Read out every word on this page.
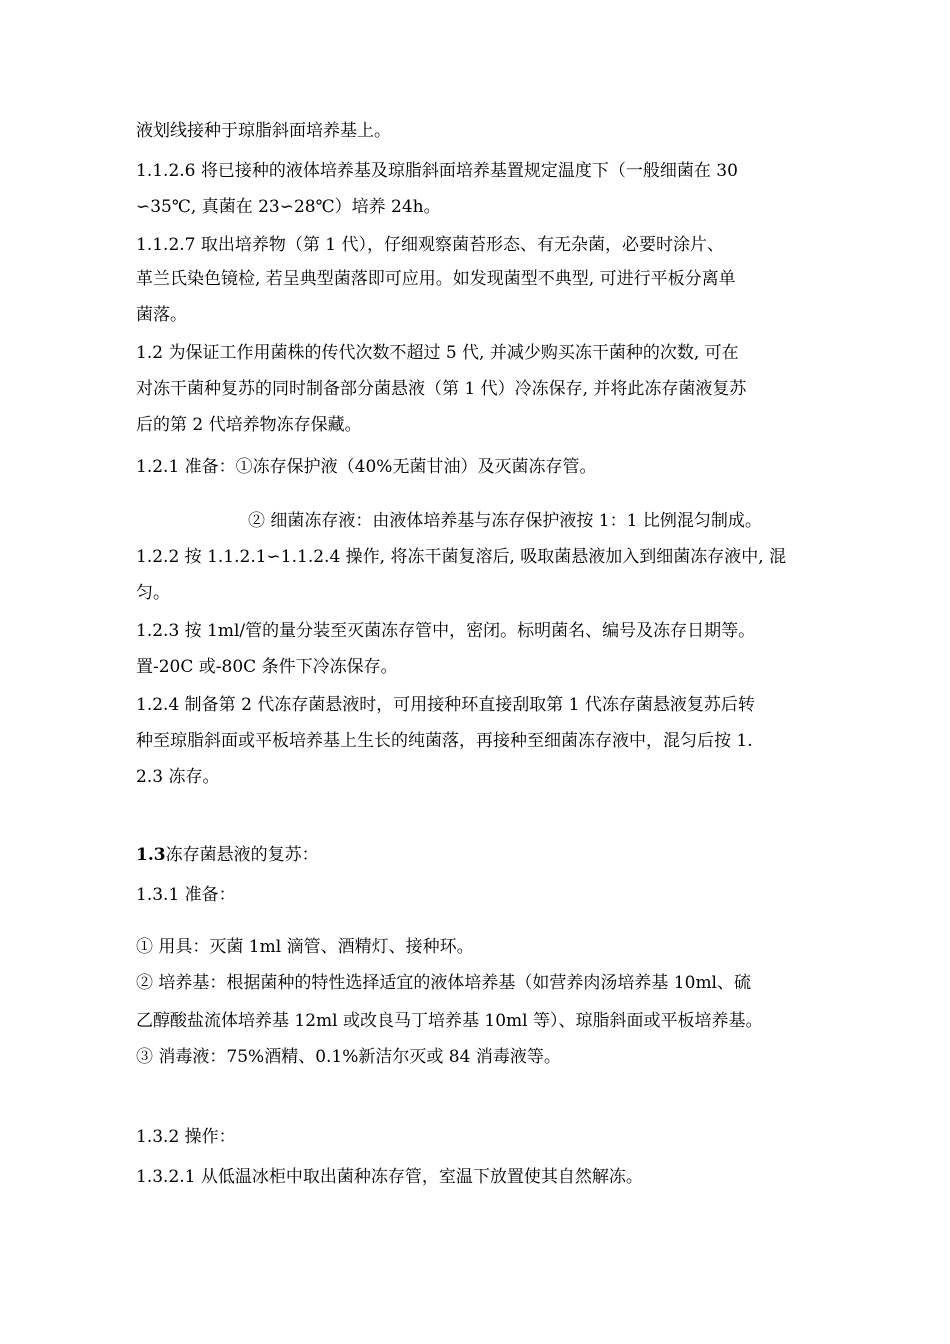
液划线接种于琼脂斜面培养基上。
1.1.2.6 将已接种的液体培养基及琼脂斜面培养基置规定温度下（一般细菌在 30
∽35℃, 真菌在 23∽28℃）培养 24h。
1.1.2.7 取出培养物（第 1 代），仔细观察菌苔形态、有无杂菌，必要时涂片、
革兰氏染色镜检, 若呈典型菌落即可应用。如发现菌型不典型, 可进行平板分离单
菌落。
1.2 为保证工作用菌株的传代次数不超过 5 代, 并减少购买冻干菌种的次数, 可在
对冻干菌种复苏的同时制备部分菌悬液（第 1 代）冷冻保存, 并将此冻存菌液复苏
后的第 2 代培养物冻存保藏。
1.2.1 准备：①冻存保护液（40%无菌甘油）及灭菌冻存管。
② 细菌冻存液：由液体培养基与冻存保护液按 1：1 比例混匀制成。
1.2.2 按 1.1.2.1∽1.1.2.4 操作, 将冻干菌复溶后, 吸取菌悬液加入到细菌冻存液中, 混
匀。
1.2.3 按 1ml/管的量分装至灭菌冻存管中，密闭。标明菌名、编号及冻存日期等。
置-20C 或-80C 条件下冷冻保存。
1.2.4 制备第 2 代冻存菌悬液时，可用接种环直接刮取第 1 代冻存菌悬液复苏后转
种至琼脂斜面或平板培养基上生长的纯菌落，再接种至细菌冻存液中，混匀后按 1.
2.3 冻存。
1.3冻存菌悬液的复苏：
1.3.1 准备：
① 用具：灭菌 1ml 滴管、酒精灯、接种环。
② 培养基：根据菌种的特性选择适宜的液体培养基（如营养肉汤培养基 10ml、硫
乙醇酸盐流体培养基 12ml 或改良马丁培养基 10ml 等）、琼脂斜面或平板培养基。
③ 消毒液：75%酒精、0.1%新洁尔灭或 84 消毒液等。
1.3.2 操作：
1.3.2.1 从低温冰柜中取出菌种冻存管，室温下放置使其自然解冻。
